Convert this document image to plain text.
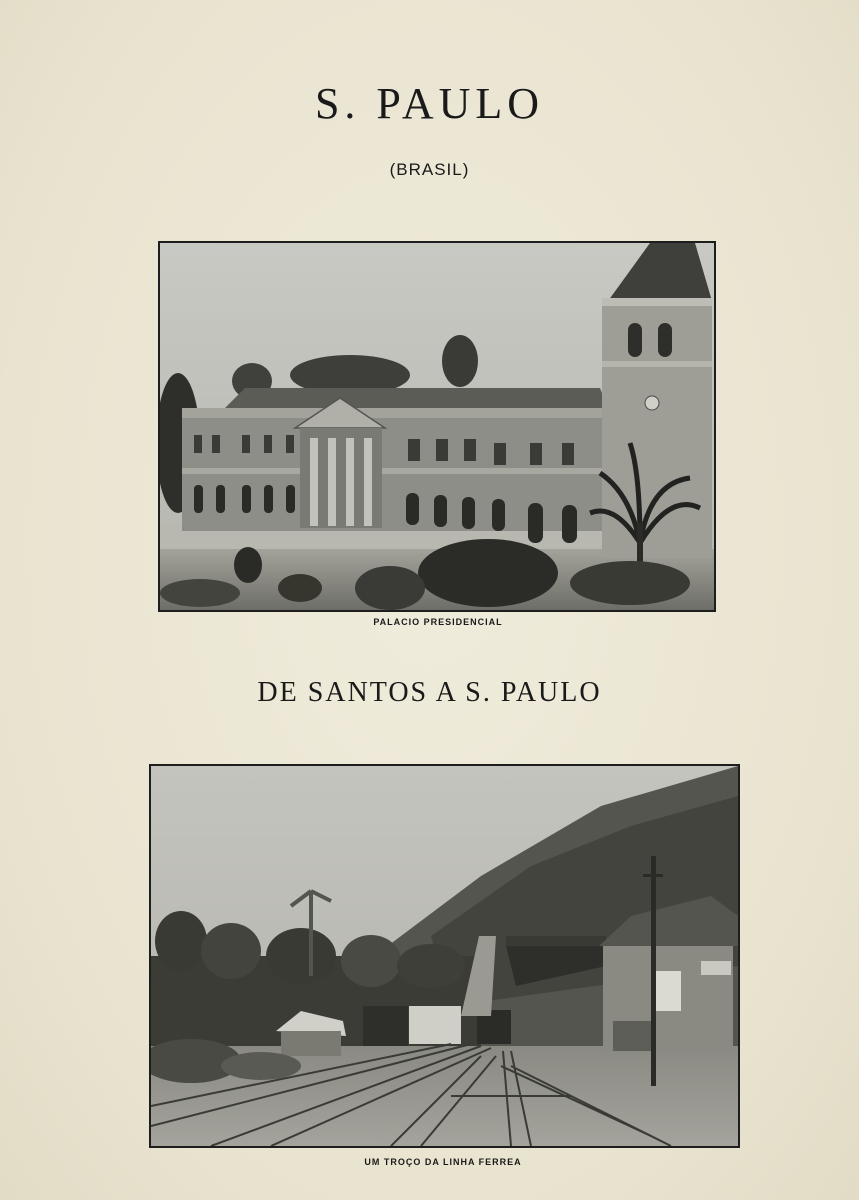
S. PAULO
(BRASIL)
PALACIO PRESIDENCIAL
DE SANTOS A S. PAULO
UM TROÇO DA LINHA FERREA
